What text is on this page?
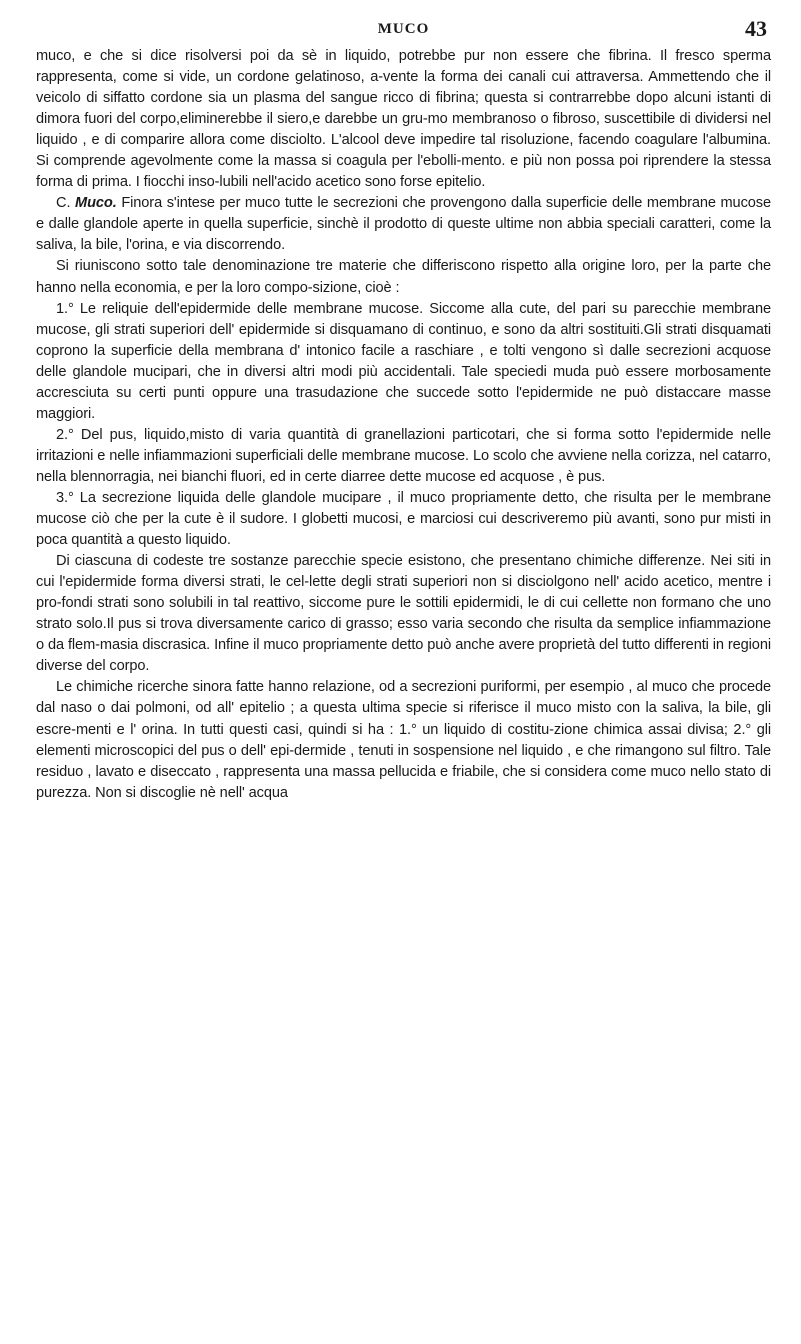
MUCO	43

muco, e che si dice risolversi poi da sè in liquido, potrebbe pur non essere che fibrina. Il fresco sperma rappresenta, come si vide, un cordone gelatinoso, a-vente la forma dei canali cui attraversa. Ammettendo che il veicolo di siffatto cordone sia un plasma del sangue ricco di fibrina; questa si contrarrebbe dopo alcuni istanti di dimora fuori del corpo,eliminerebbe il siero,e darebbe un gru-mo membranoso o fibroso, suscettibile di dividersi nel liquido , e di comparire allora come disciolto. L'alcool deve impedire tal risoluzione, facendo coagulare l'albumina. Si comprende agevolmente come la massa si coagula per l'ebolli-mento. e più non possa poi riprendere la stessa forma di prima. I fiocchi inso-lubili nell'acido acetico sono forse epitelio.

C. Muco. Finora s'intese per muco tutte le secrezioni che provengono dalla superficie delle membrane mucose e dalle glandole aperte in quella superficie, sinchè il prodotto di queste ultime non abbia speciali caratteri, come la saliva, la bile, l'orina, e via discorrendo.

Si riuniscono sotto tale denominazione tre materie che differiscono rispetto alla origine loro, per la parte che hanno nella economia, e per la loro compo-sizione, cioè :

1.° Le reliquie dell'epidermide delle membrane mucose. Siccome alla cute, del pari su parecchie membrane mucose, gli strati superiori dell' epidermide si disquamano di continuo, e sono da altri sostituiti.Gli strati disquamati coprono la superficie della membrana d' intonico facile a raschiare , e tolti vengono sì dalle secrezioni acquose delle glandole mucipari, che in diversi altri modi più accidentali. Tale speciedi muda può essere morbosamente accresciuta su certi punti oppure una trasudazione che succede sotto l'epidermide ne può distaccare masse maggiori.

2.° Del pus, liquido,misto di varia quantità di granellazioni particotari, che si forma sotto l'epidermide nelle irritazioni e nelle infiammazioni superficiali delle membrane mucose. Lo scolo che avviene nella corizza, nel catarro, nella blennorragia, nei bianchi fluori, ed in certe diarree dette mucose ed acquose , è pus.

3.° La secrezione liquida delle glandole mucipare , il muco propriamente detto, che risulta per le membrane mucose ciò che per la cute è il sudore. I globetti mucosi, e marciosi cui descriveremo più avanti, sono pur misti in poca quantità a questo liquido.

Di ciascuna di codeste tre sostanze parecchie specie esistono, che presentano chimiche differenze. Nei siti in cui l'epidermide forma diversi strati, le cel-lette degli strati superiori non si disciolgono nell' acido acetico, mentre i pro-fondi strati sono solubili in tal reattivo, siccome pure le sottili epidermidi, le di cui cellette non formano che uno strato solo.Il pus si trova diversamente carico di grasso; esso varia secondo che risulta da semplice infiammazione o da flem-masia discrasica. Infine il muco propriamente detto può anche avere proprietà del tutto differenti in regioni diverse del corpo.

Le chimiche ricerche sinora fatte hanno relazione, od a secrezioni puriformi, per esempio , al muco che procede dal naso o dai polmoni, od all' epitelio ; a questa ultima specie si riferisce il muco misto con la saliva, la bile, gli escre-menti e l' orina. In tutti questi casi, quindi si ha : 1.° un liquido di costitu-zione chimica assai divisa; 2.° gli elementi microscopici del pus o dell' epi-dermide , tenuti in sospensione nel liquido , e che rimangono sul filtro. Tale residuo , lavato e diseccato , rappresenta una massa pellucida e friabile, che si considera come muco nello stato di purezza. Non si discoglie nè nell' acqua
